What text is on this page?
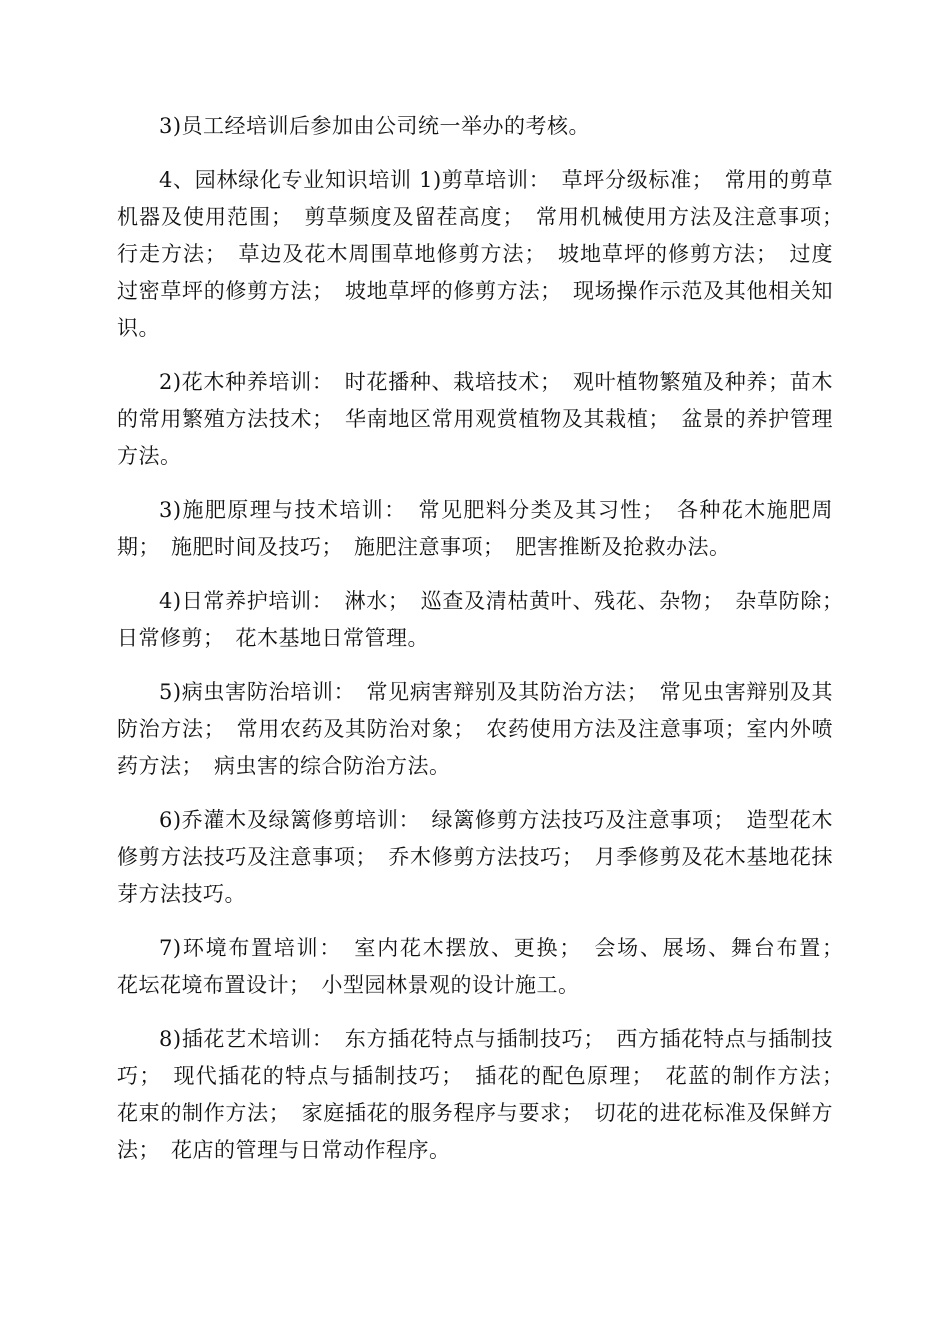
3)员工经培训后参加由公司统一举办的考核。

4、园林绿化专业知识培训 1)剪草培训：　草坪分级标准；　常用的剪草机器及使用范围；　剪草频度及留茬高度；　常用机械使用方法及注意事项；　行走方法；　草边及花木周围草地修剪方法；　坡地草坪的修剪方法；　过度过密草坪的修剪方法；　坡地草坪的修剪方法；　现场操作示范及其他相关知识。

2)花木种养培训：　时花播种、栽培技术；　观叶植物繁殖及种养；苗木的常用繁殖方法技术；　华南地区常用观赏植物及其栽植；　盆景的养护管理方法。

3)施肥原理与技术培训：　常见肥料分类及其习性；　各种花木施肥周期；　施肥时间及技巧；　施肥注意事项；　肥害推断及抢救办法。

4)日常养护培训：　淋水；　巡查及清枯黄叶、残花、杂物；　杂草防除；　日常修剪；　花木基地日常管理。

5)病虫害防治培训：　常见病害辩别及其防治方法；　常见虫害辩别及其防治方法；　常用农药及其防治对象；　农药使用方法及注意事项；室内外喷药方法；　病虫害的综合防治方法。

6)乔灌木及绿篱修剪培训：　绿篱修剪方法技巧及注意事项；　造型花木修剪方法技巧及注意事项；　乔木修剪方法技巧；　月季修剪及花木基地花抹芽方法技巧。

7)环境布置培训：　室内花木摆放、更换；　会场、展场、舞台布置；　花坛花境布置设计；　小型园林景观的设计施工。

8)插花艺术培训：　东方插花特点与插制技巧；　西方插花特点与插制技巧；　现代插花的特点与插制技巧；　插花的配色原理；　花蓝的制作方法；　花束的制作方法；　家庭插花的服务程序与要求；　切花的进花标准及保鲜方法；　花店的管理与日常动作程序。
